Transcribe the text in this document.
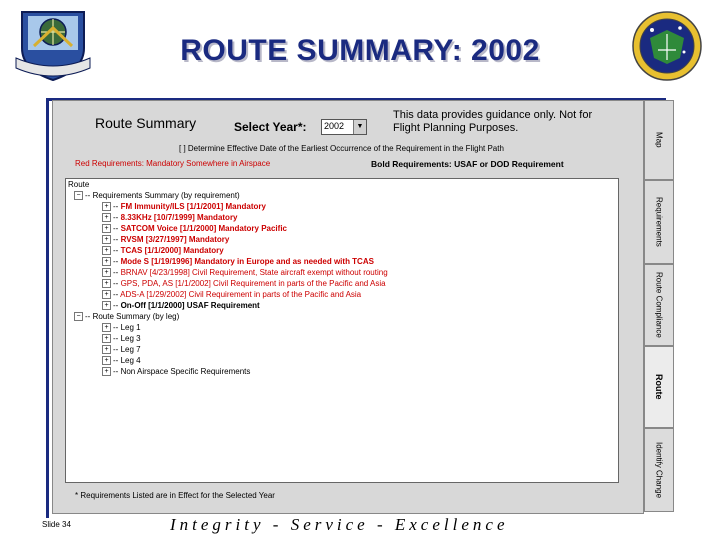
ROUTE SUMMARY: 2002
Route Summary	Select Year*: 2002	▼
This data provides guidance only. Not for Flight Planning Purposes.
[ ] Determine Effective Date of the Earliest Occurrence of the Requirement in the Flight Path
Red Requirements: Mandatory Somewhere in Airspace	Bold Requirements: USAF or DOD Requirement
Route
− -- Requirements Summary (by requirement)
+ -- FM Immunity/ILS [1/1/2001] Mandatory
+ -- 8.33KHz [10/7/1999] Mandatory
+ -- SATCOM Voice [1/1/2000] Mandatory Pacific
+ -- RVSM [3/27/1997] Mandatory
+ -- TCAS [1/1/2000] Mandatory
+ -- Mode S [1/19/1996] Mandatory in Europe and as needed with TCAS
+ -- BRNAV [4/23/1998] Civil Requirement, State aircraft exempt without routing
+ -- GPS, PDA, AS [1/1/2002] Civil Requirement in parts of the Pacific and Asia
+ -- ADS-A [1/29/2002] Civil Requirement in parts of the Pacific and Asia
+ -- On-Off [1/1/2000] USAF Requirement
− -- Route Summary (by leg)
+ -- Leg 1
+ -- Leg 3
+ -- Leg 7
+ -- Leg 4
+ -- Non Airspace Specific Requirements
* Requirements Listed are in Effect for the Selected Year
Map
Requirements
Route Compliance
Route
Identify Change
Slide 34	Integrity - Service - Excellence
